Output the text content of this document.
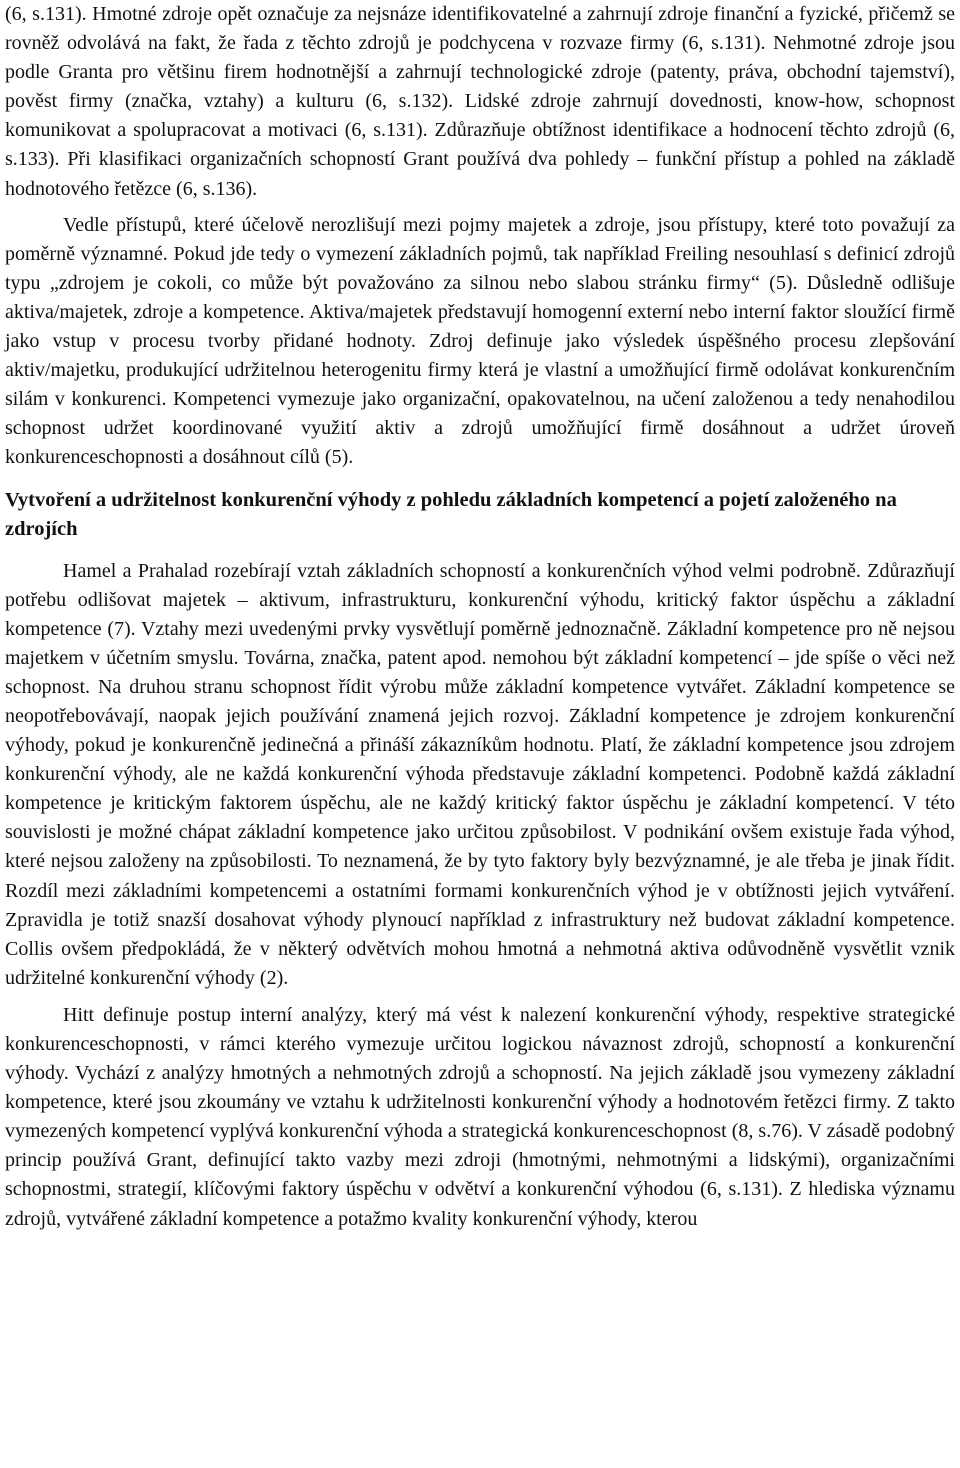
(6, s.131). Hmotné zdroje opět označuje za nejsnáze identifikovatelné a zahrnují zdroje finanční a fyzické, přičemž se rovněž odvolává na fakt, že řada z těchto zdrojů je podchycena v rozvaze firmy (6, s.131). Nehmotné zdroje jsou podle Granta pro většinu firem hodnotnější a zahrnují technologické zdroje (patenty, práva, obchodní tajemství), pověst firmy (značka, vztahy) a kulturu (6, s.132). Lidské zdroje zahrnují dovednosti, know-how, schopnost komunikovat a spolupracovat a motivaci (6, s.131). Zdůrazňuje obtížnost identifikace a hodnocení těchto zdrojů (6, s.133). Při klasifikaci organizačních schopností Grant používá dva pohledy – funkční přístup a pohled na základě hodnotového řetězce (6, s.136).

Vedle přístupů, které účelově nerozlišují mezi pojmy majetek a zdroje, jsou přístupy, které toto považují za poměrně významné. Pokud jde tedy o vymezení základních pojmů, tak například Freiling nesouhlasí s definicí zdrojů typu „zdrojem je cokoli, co může být považováno za silnou nebo slabou stránku firmy“ (5). Důsledně odlišuje aktiva/majetek, zdroje a kompetence. Aktiva/majetek představují homogenní externí nebo interní faktor sloužící firmě jako vstup v procesu tvorby přidané hodnoty. Zdroj definuje jako výsledek úspěšného procesu zlepšování aktiv/majetku, produkující udržitelnou heterogenitu firmy která je vlastní a umožňující firmě odolávat konkurenčním silám v konkurenci. Kompetenci vymezuje jako organizační, opakovatelnou, na učení založenou a tedy nenahodilou schopnost udržet koordinované využití aktiv a zdrojů umožňující firmě dosáhnout a udržet úroveň konkurenceschopnosti a dosáhnout cílů (5).

Vytvoření a udržitelnost konkurenční výhody z pohledu základních kompetencí a pojetí založeného na zdrojích

Hamel a Prahalad rozebírají vztah základních schopností a konkurenčních výhod velmi podrobně. Zdůrazňují potřebu odlišovat majetek – aktivum, infrastrukturu, konkurenční výhodu, kritický faktor úspěchu a základní kompetence (7). Vztahy mezi uvedenými prvky vysvětlují poměrně jednoznačně. Základní kompetence pro ně nejsou majetkem v účetním smyslu. Továrna, značka, patent apod. nemohou být základní kompetencí – jde spíše o věci než schopnost. Na druhou stranu schopnost řídit výrobu může základní kompetence vytvářet. Základní kompetence se neopotřebovávají, naopak jejich používání znamená jejich rozvoj. Základní kompetence je zdrojem konkurenční výhody, pokud je konkurenčně jedinečná a přináší zákazníkům hodnotu. Platí, že základní kompetence jsou zdrojem konkurenční výhody, ale ne každá konkurenční výhoda představuje základní kompetenci. Podobně každá základní kompetence je kritickým faktorem úspěchu, ale ne každý kritický faktor úspěchu je základní kompetencí. V této souvislosti je možné chápat základní kompetence jako určitou způsobilost. V podnikání ovšem existuje řada výhod, které nejsou založeny na způsobilosti. To neznamená, že by tyto faktory byly bezvýznamné, je ale třeba je jinak řídit. Rozdíl mezi základními kompetencemi a ostatními formami konkurenčních výhod je v obtížnosti jejich vytváření. Zpravidla je totiž snazší dosahovat výhody plynoucí například z infrastruktury než budovat základní kompetence. Collis ovšem předpokládá, že v některý odvětvích mohou hmotná a nehmotná aktiva odůvodněně vysvětlit vznik udržitelné konkurenční výhody (2).

Hitt definuje postup interní analýzy, který má vést k nalezení konkurenční výhody, respektive strategické konkurenceschopnosti, v rámci kterého vymezuje určitou logickou návaznost zdrojů, schopností a konkurenční výhody. Vychází z analýzy hmotných a nehmotných zdrojů a schopností. Na jejich základě jsou vymezeny základní kompetence, které jsou zkoumány ve vztahu k udržitelnosti konkurenční výhody a hodnotovém řetězci firmy. Z takto vymezených kompetencí vyplývá konkurenční výhoda a strategická konkurenceschopnost (8, s.76). V zásadě podobný princip používá Grant, definující takto vazby mezi zdroji (hmotnými, nehmotnými a lidskými), organizačními schopnostmi, strategií, klíčovými faktory úspěchu v odvětví a konkurenční výhodou (6, s.131). Z hlediska významu zdrojů, vytvářené základní kompetence a potažmo kvality konkurenční výhody, kterou
